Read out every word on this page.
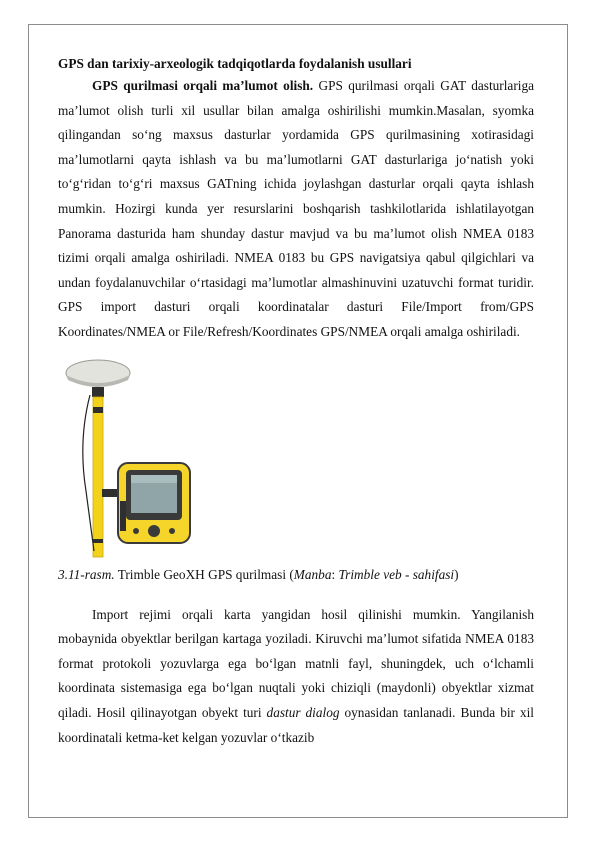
GPS dan tarixiy-arxeologik tadqiqotlarda foydalanish usullari

GPS qurilmasi orqali ma’lumot olish. GPS qurilmasi orqali GAT dasturlariga ma’lumot olish turli xil usullar bilan amalga oshirilishi mumkin.Masalan, syomka qilingandan so‘ng maxsus dasturlar yordamida GPS qurilmasining xotirasidagi ma’lumotlarni qayta ishlash va bu ma’lumotlarni GAT dasturlariga jo‘natish yoki to‘g‘ridan to‘g‘ri maxsus GATning ichida joylashgan dasturlar orqali qayta ishlash mumkin. Hozirgi kunda yer resurslarini boshqarish tashkilotlarida ishlatilayotgan Panorama dasturida ham shunday dastur mavjud va bu ma’lumot olish NMEA 0183 tizimi orqali amalga oshiriladi. NMEA 0183 bu GPS navigatsiya qabul qilgichlari va undan foydalanuvchilar o‘rtasidagi ma’lumotlar almashinuvini uzatuvchi format turidir. GPS import dasturi orqali koordinatalar dasturi File/Import from/GPS Koordinates/NMEA or File/Refresh/Koordinates GPS/NMEA orqali amalga oshiriladi.

3.11-rasm. Trimble GeoXH GPS qurilmasi (Manba: Trimble veb - sahifasi)

Import rejimi orqali karta yangidan hosil qilinishi mumkin. Yangilanish mobaynida obyektlar berilgan kartaga yoziladi. Kiruvchi ma’lumot sifatida NMEA 0183 format protokoli yozuvlarga ega bo‘lgan matnli fayl, shuningdek, uch o‘lchamli koordinata sistemasiga ega bo‘lgan nuqtali yoki chiziqli (maydonli) obyektlar xizmat qiladi. Hosil qilinayotgan obyekt turi dastur dialog oynasidan tanlanadi. Bunda bir xil koordinatali ketma-ket kelgan yozuvlar o‘tkazib
